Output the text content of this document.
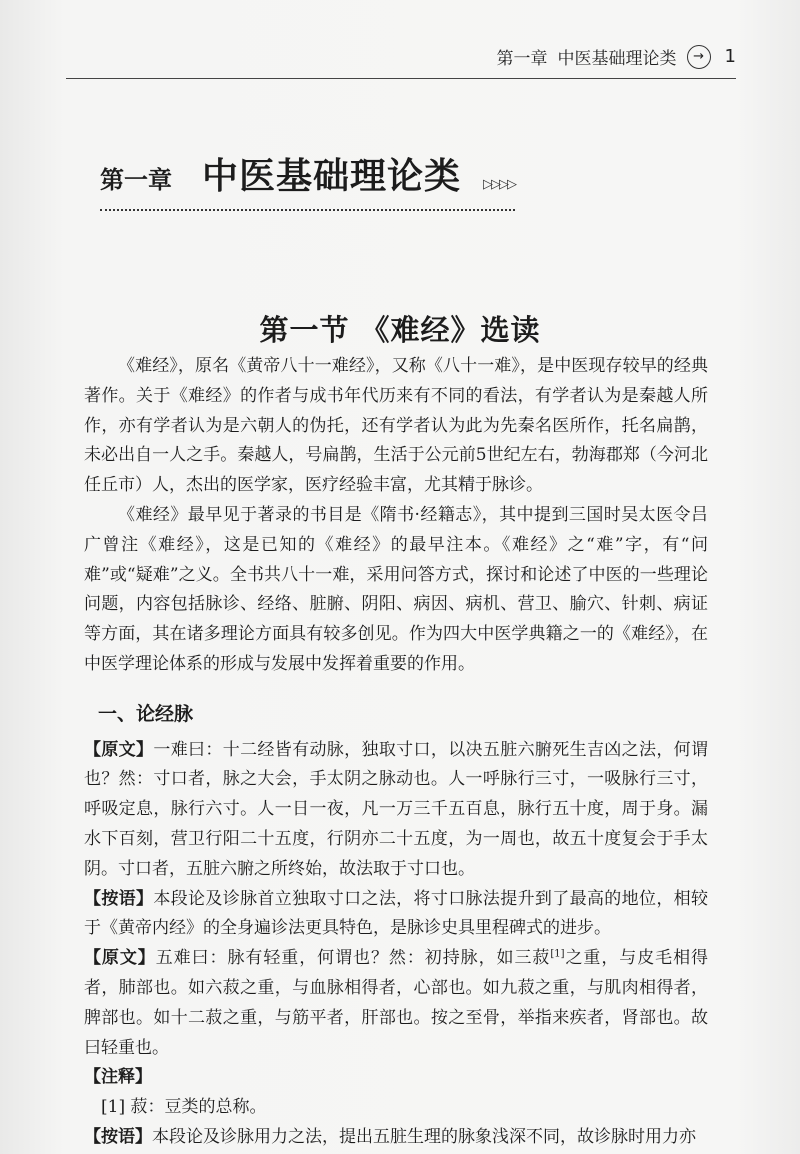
第一章 中医基础理论类	→	1
第一章 中医基础理论类 ▷▷▷▷
第一节 《难经》选读

《难经》，原名《黄帝八十一难经》，又称《八十一难》，是中医现存较早的经典著作。关于《难经》的作者与成书年代历来有不同的看法，有学者认为是秦越人所作，亦有学者认为是六朝人的伪托，还有学者认为此为先秦名医所作，托名扁鹊，未必出自一人之手。秦越人，号扁鹊，生活于公元前5世纪左右，勃海郡郑（今河北任丘市）人，杰出的医学家，医疗经验丰富，尤其精于脉诊。

《难经》最早见于著录的书目是《隋书·经籍志》，其中提到三国时吴太医令吕广曾注《难经》，这是已知的《难经》的最早注本。《难经》之“难”字，有“问难”或“疑难”之义。全书共八十一难，采用问答方式，探讨和论述了中医的一些理论问题，内容包括脉诊、经络、脏腑、阴阳、病因、病机、营卫、腧穴、针刺、病证等方面，其在诸多理论方面具有较多创见。作为四大中医学典籍之一的《难经》，在中医学理论体系的形成与发展中发挥着重要的作用。

一、论经脉

【原文】一难曰：十二经皆有动脉，独取寸口，以决五脏六腑死生吉凶之法，何谓也？然：寸口者，脉之大会，手太阴之脉动也。人一呼脉行三寸，一吸脉行三寸，呼吸定息，脉行六寸。人一日一夜，凡一万三千五百息，脉行五十度，周于身。漏水下百刻，营卫行阳二十五度，行阴亦二十五度，为一周也，故五十度复会于手太阴。寸口者，五脏六腑之所终始，故法取于寸口也。

【按语】本段论及诊脉首立独取寸口之法，将寸口脉法提升到了最高的地位，相较于《黄帝内经》的全身遍诊法更具特色，是脉诊史具里程碑式的进步。

【原文】五难曰：脉有轻重，何谓也？然：初持脉，如三菽[1]之重，与皮毛相得者，肺部也。如六菽之重，与血脉相得者，心部也。如九菽之重，与肌肉相得者，脾部也。如十二菽之重，与筋平者，肝部也。按之至骨，举指来疾者，肾部也。故曰轻重也。

【注释】

[1] 菽：豆类的总称。

【按语】本段论及诊脉用力之法，提出五脏生理的脉象浅深不同，故诊脉时用力亦
